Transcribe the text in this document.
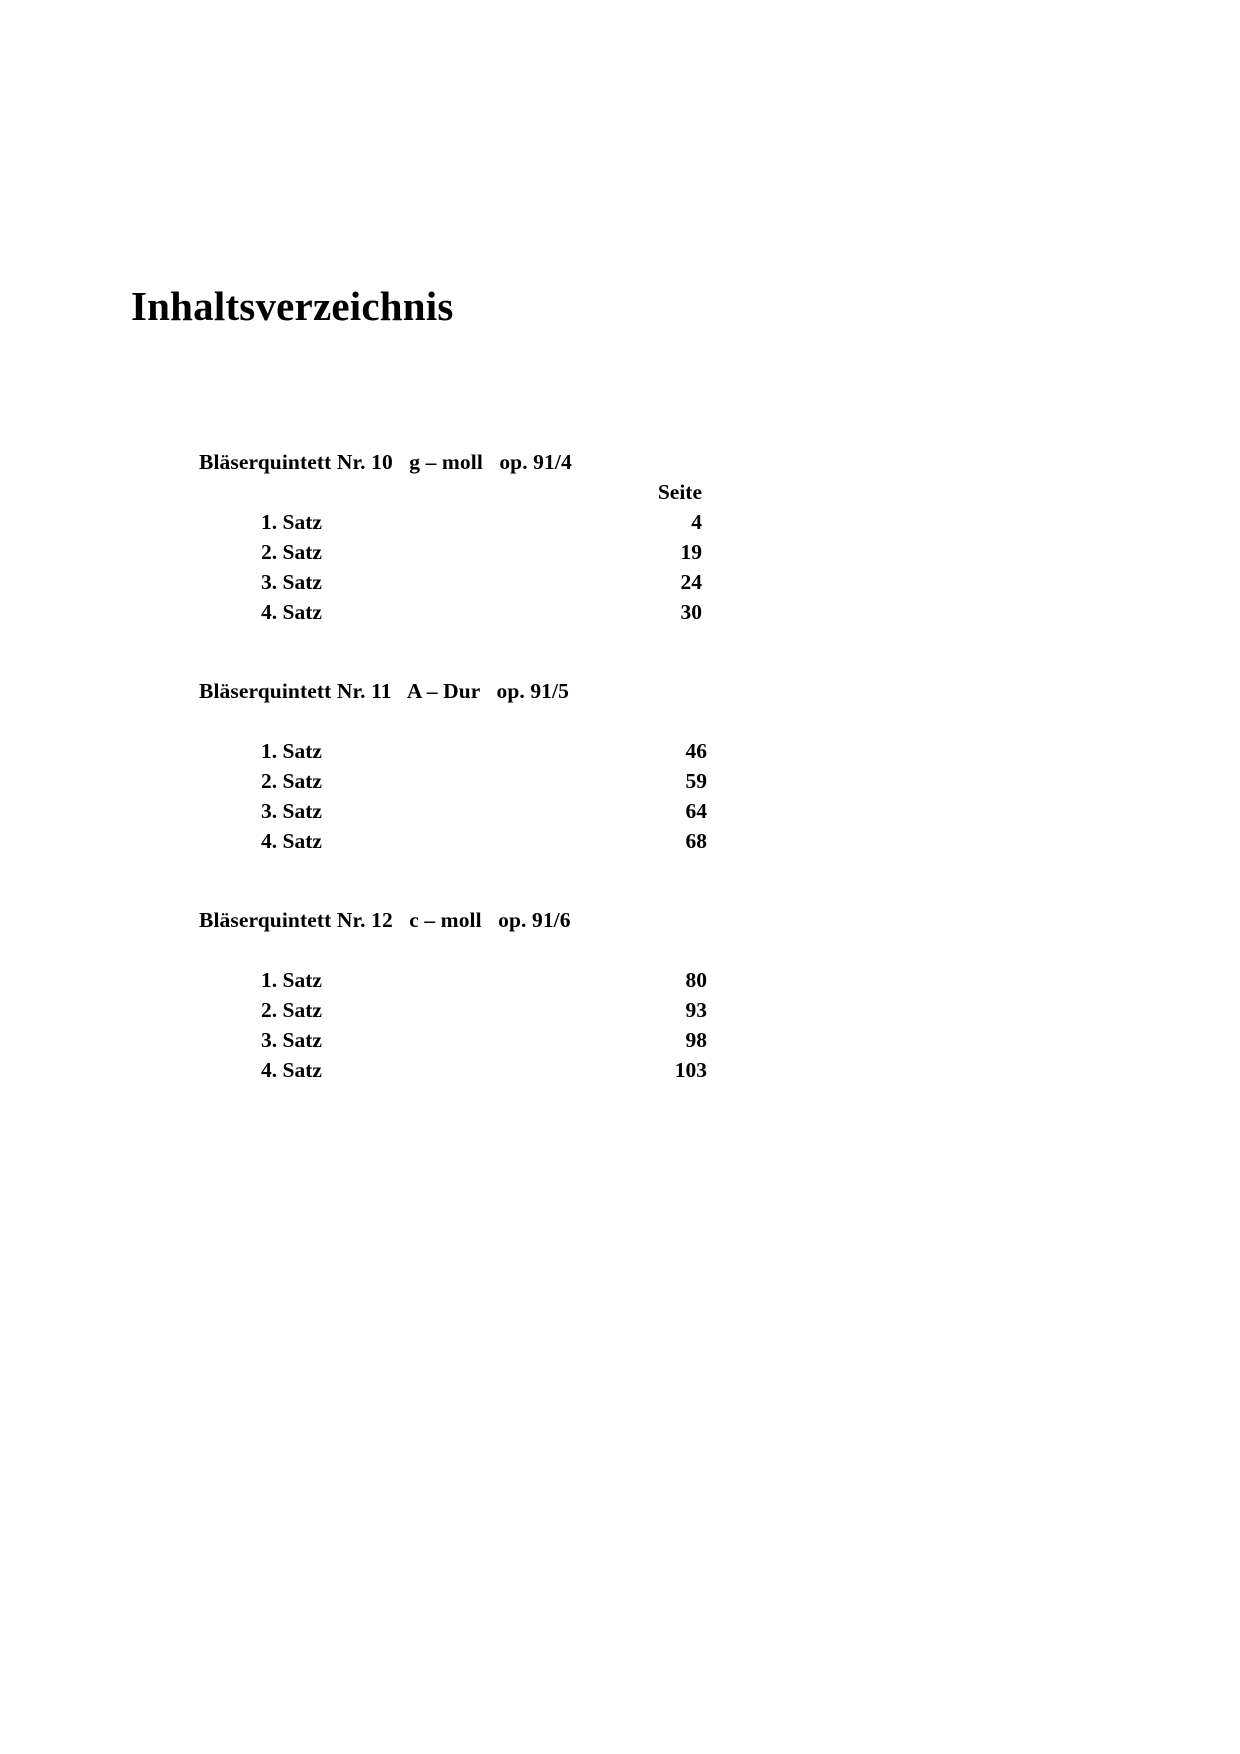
Inhaltsverzeichnis
Bläserquintett Nr. 10   g – moll   op. 91/4
Seite
1. Satz	4
2. Satz	19
3. Satz	24
4. Satz	30
Bläserquintett Nr. 11   A – Dur   op. 91/5
1. Satz	46
2. Satz	59
3. Satz	64
4. Satz	68
Bläserquintett Nr. 12   c – moll   op. 91/6
1. Satz	80
2. Satz	93
3. Satz	98
4. Satz	103
